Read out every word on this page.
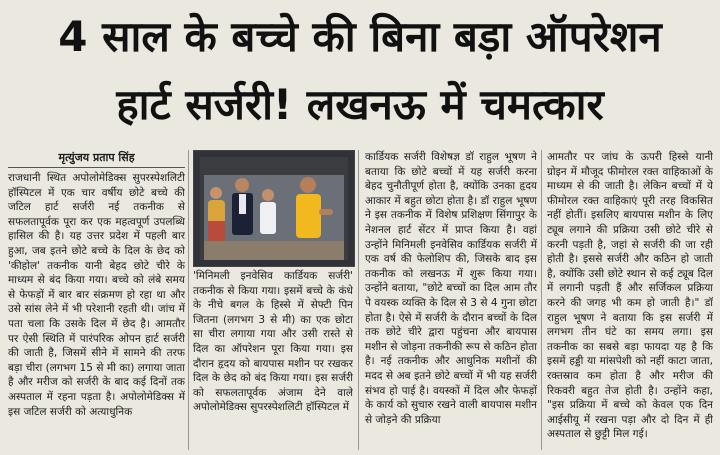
4 साल के बच्चे की बिना बड़ा ऑपरेशन
हार्ट सर्जरी! लखनऊ में चमत्कार
मृत्युंजय प्रताप सिंह

राजधानी स्थित अपोलोमेडिक्स सुपरस्पेशलिटी हॉस्पिटल में एक चार वर्षीय छोटे बच्चे की जटिल हार्ट सर्जरी नई तकनीक से सफलतापूर्वक पूरा कर एक महत्वपूर्ण उपलब्धि हासिल की है। यह उत्तर प्रदेश में पहली बार हुआ, जब इतने छोटे बच्चे के दिल के छेद को 'कीहोल' तकनीक यानी बेहद छोटे चीरे के माध्यम से बंद किया गया। बच्चे को लंबे समय से फेफड़ों में बार बार संक्रमण हो रहा था और उसे सांस लेने में भी परेशानी रहती थी। जांच में पता चला कि उसके दिल में छेद है। आमतौर पर ऐसी स्थिति में पारंपरिक ओपन हार्ट सर्जरी की जाती है, जिसमें सीने में सामने की तरफ बड़ा चीरा (लगभग 15 से मी का) लगाया जाता है और मरीज को सर्जरी के बाद कई दिनों तक अस्पताल में रहना पड़ता है। अपोलोमेडिक्स में इस जटिल सर्जरी को अत्याधुनिक

'मिनिमली इनवेसिव कार्डियक सर्जरी' तकनीक से किया गया। इसमें बच्चे के कंधे के नीचे बगल के हिस्से में सेफ्टी पिन जितना (लगभग 3 से मी) का एक छोटा सा चीरा लगाया गया और उसी रास्ते से दिल का ऑपरेशन पूरा किया गया। इस दौरान हृदय को बायपास मशीन पर रखकर दिल के छेद को बंद किया गया। इस सर्जरी को सफलतापूर्वक अंजाम देने वाले अपोलोमेडिक्स सुपरस्पेशलिटी हॉस्पिटल में

कार्डियक सर्जरी विशेषज्ञ डॉ राहुल भूषण ने बताया कि छोटे बच्चों में यह सर्जरी करना बेहद चुनौतीपूर्ण होता है, क्योंकि उनका हृदय आकार में बहुत छोटा होता है। डॉ राहुल भूषण ने इस तकनीक में विशेष प्रशिक्षण सिंगापुर के नेशनल हार्ट सेंटर में प्राप्त किया है। वहां उन्होंने मिनिमली इनवेसिव कार्डियक सर्जरी में एक वर्ष की फेलोशिप की, जिसके बाद इस तकनीक को लखनऊ में शुरू किया गया। उन्होंने बताया, "छोटे बच्चों का दिल आम तौर पे वयस्क व्यक्ति के दिल से 3 से 4 गुना छोटा होता है। ऐसे में सर्जरी के दौरान बच्चों के दिल तक छोटे चीरे द्वारा पहुंचना और बायपास मशीन से जोड़ना तकनीकी रूप से कठिन होता है। नई तकनीक और आधुनिक मशीनों की मदद से अब इतने छोटे बच्चों में भी यह सर्जरी संभव हो पाई है। वयस्कों में दिल और फेफड़ों के कार्य को सुचारु रखने वाली बायपास मशीन से जोड़ने की प्रक्रिया

आमतौर पर जांघ के ऊपरी हिस्से यानी ग्रोइन में मौजूद फीमोरल रक्त वाहिकाओं के माध्यम से की जाती है। लेकिन बच्चों में ये फीमोरल रक्त वाहिकाएं पूरी तरह विकसित नहीं होतीं। इसलिए बायपास मशीन के लिए ट्यूब लगाने की प्रक्रिया उसी छोटे चीरे से करनी पड़ती है, जहां से सर्जरी की जा रही होती है। इससे सर्जरी और कठिन हो जाती है, क्योंकि उसी छोटे स्थान से कई ट्यूब दिल में लगानी पड़ती हैं और सर्जिकल प्रक्रिया करने की जगह भी कम हो जाती है।" डॉ राहुल भूषण ने बताया कि इस सर्जरी में लगभग तीन घंटे का समय लगा। इस तकनीक का सबसे बड़ा फायदा यह है कि इसमें हड्डी या मांसपेशी को नहीं काटा जाता, रक्तस्राव कम होता है और मरीज की रिकवरी बहुत तेज होती है। उन्होंने कहा, "इस प्रक्रिया में बच्चे को केवल एक दिन आईसीयू में रखना पड़ा और दो दिन में ही अस्पताल से छुट्टी मिल गई।
